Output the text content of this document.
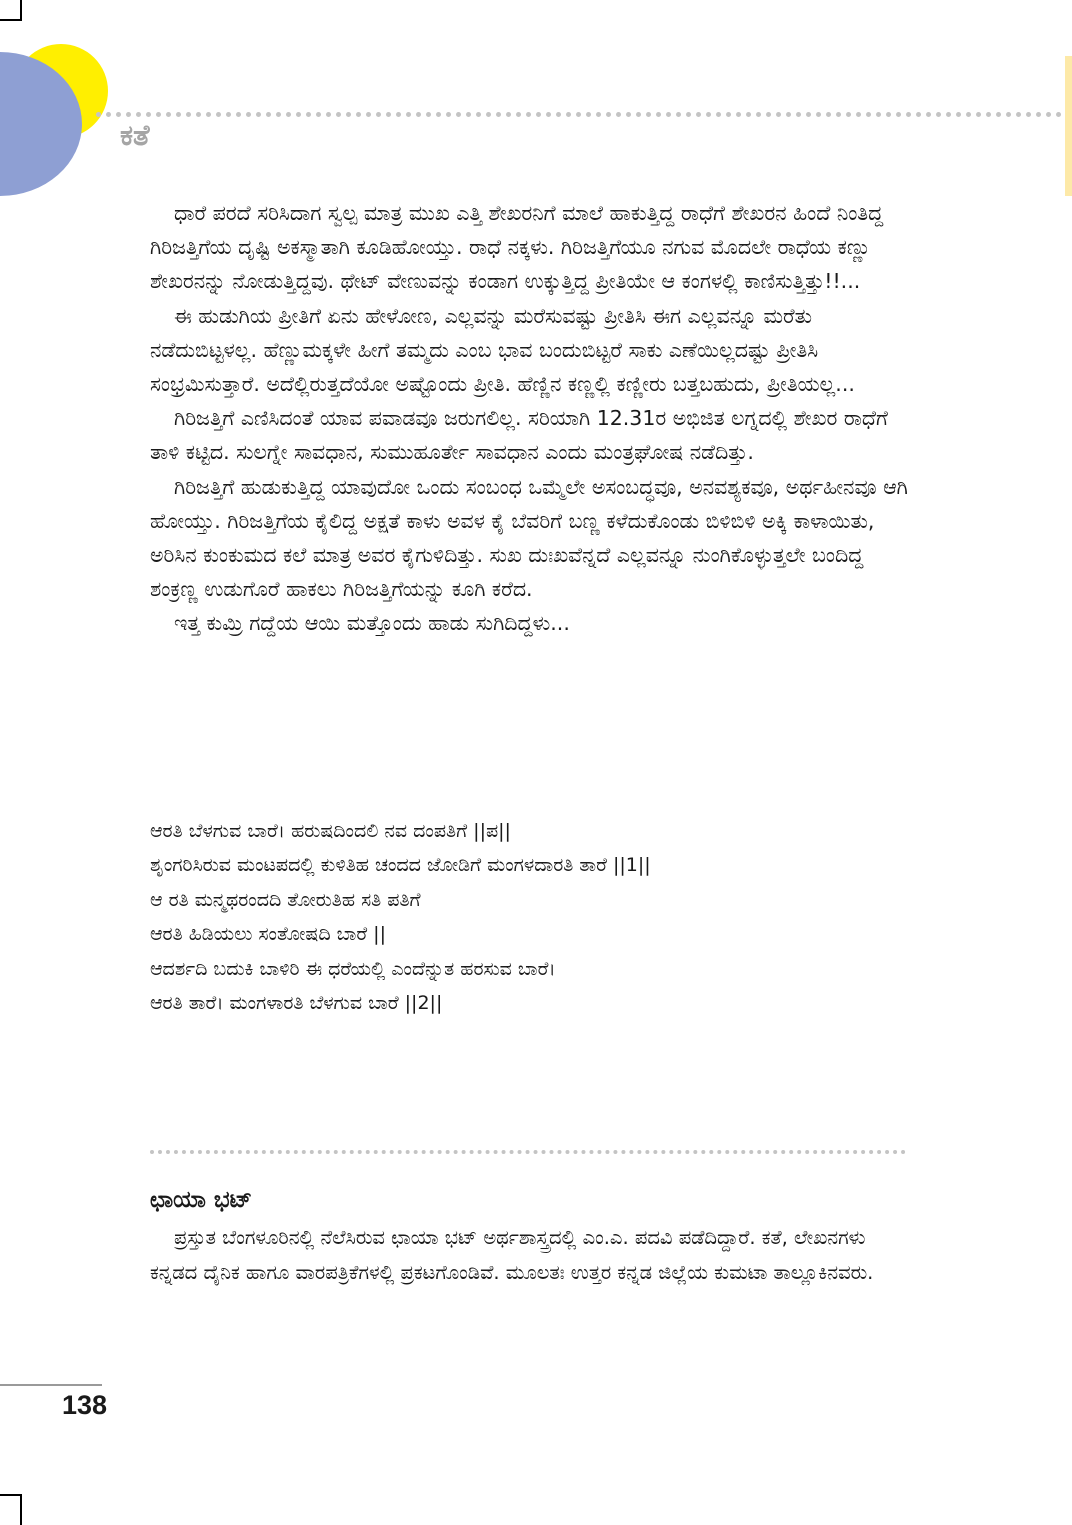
ಕತೆ

ಧಾರೆ ಪರದೆ ಸರಿಸಿದಾಗ ಸ್ವಲ್ಪ ಮಾತ್ರ ಮುಖ ಎತ್ತಿ ಶೇಖರನಿಗೆ ಮಾಲೆ ಹಾಕುತ್ತಿದ್ದ ರಾಧೆಗೆ ಶೇಖರನ ಹಿಂದೆ ನಿಂತಿದ್ದ ಗಿರಿಜತ್ತಿಗೆಯ ದೃಷ್ಟಿ ಅಕಸ್ಮಾತಾಗಿ ಕೂಡಿಹೋಯ್ತು. ರಾಧೆ ನಕ್ಕಳು. ಗಿರಿಜತ್ತಿಗೆಯೂ ನಗುವ ಮೊದಲೇ ರಾಧೆಯ ಕಣ್ಣು ಶೇಖರನನ್ನು ನೋಡುತ್ತಿದ್ದವು. ಥೇಟ್ ವೇಣುವನ್ನು ಕಂಡಾಗ ಉಕ್ಕುತ್ತಿದ್ದ ಪ್ರೀತಿಯೇ ಆ ಕಂಗಳಲ್ಲಿ ಕಾಣಿಸುತ್ತಿತ್ತು!!...

ಈ ಹುಡುಗಿಯ ಪ್ರೀತಿಗೆ ಏನು ಹೇಳೋಣ, ಎಲ್ಲವನ್ನು ಮರೆಸುವಷ್ಟು ಪ್ರೀತಿಸಿ ಈಗ ಎಲ್ಲವನ್ನೂ ಮರೆತು ನಡೆದುಬಿಟ್ಟಳಲ್ಲ. ಹೆಣ್ಣುಮಕ್ಕಳೇ ಹೀಗೆ ತಮ್ಮದು ಎಂಬ ಭಾವ ಬಂದುಬಿಟ್ಟರೆ ಸಾಕು ಎಣೆಯಿಲ್ಲದಷ್ಟು ಪ್ರೀತಿಸಿ ಸಂಭ್ರಮಿಸುತ್ತಾರೆ. ಅದೆಲ್ಲಿರುತ್ತದೆಯೋ ಅಷ್ಟೊಂದು ಪ್ರೀತಿ. ಹೆಣ್ಣಿನ ಕಣ್ಣಲ್ಲಿ ಕಣ್ಣೀರು ಬತ್ತಬಹುದು, ಪ್ರೀತಿಯಲ್ಲ...

ಗಿರಿಜತ್ತಿಗೆ ಎಣಿಸಿದಂತೆ ಯಾವ ಪವಾಡವೂ ಜರುಗಲಿಲ್ಲ. ಸರಿಯಾಗಿ 12.31ರ ಅಭಿಜಿತ ಲಗ್ನದಲ್ಲಿ ಶೇಖರ ರಾಧೆಗೆ ತಾಳಿ ಕಟ್ಟಿದ. ಸುಲಗ್ನೇ ಸಾವಧಾನ, ಸುಮುಹೂರ್ತೇ ಸಾವಧಾನ ಎಂದು ಮಂತ್ರಘೋಷ ನಡೆದಿತ್ತು.

ಗಿರಿಜತ್ತಿಗೆ ಹುಡುಕುತ್ತಿದ್ದ ಯಾವುದೋ ಒಂದು ಸಂಬಂಧ ಒಮ್ಮೆಲೇ ಅಸಂಬದ್ಧವೂ, ಅನವಶ್ಯಕವೂ, ಅರ್ಥಹೀನವೂ ಆಗಿ ಹೋಯ್ತು. ಗಿರಿಜತ್ತಿಗೆಯ ಕೈಲಿದ್ದ ಅಕ್ಷತೆ ಕಾಳು ಅವಳ ಕೈ ಬೆವರಿಗೆ ಬಣ್ಣ ಕಳೆದುಕೊಂಡು ಬಿಳಿಬಿಳಿ ಅಕ್ಕಿ ಕಾಳಾಯಿತು, ಅರಿಸಿನ ಕುಂಕುಮದ ಕಲೆ ಮಾತ್ರ ಅವರ ಕೈಗುಳಿದಿತ್ತು. ಸುಖ ದುಃಖವೆನ್ನದೆ ಎಲ್ಲವನ್ನೂ ನುಂಗಿಕೊಳ್ಳುತ್ತಲೇ ಬಂದಿದ್ದ ಶಂಕ್ರಣ್ಣ ಉಡುಗೊರೆ ಹಾಕಲು ಗಿರಿಜತ್ತಿಗೆಯನ್ನು ಕೂಗಿ ಕರೆದ.

ಇತ್ತ ಕುಮ್ರಿ ಗದ್ದೆಯ ಆಯಿ ಮತ್ತೊಂದು ಹಾಡು ಸುಗಿದಿದ್ದಳು...

ಆರತಿ ಬೆಳಗುವ ಬಾರೆ। ಹರುಷದಿಂದಲಿ ನವ ದಂಪತಿಗೆ ||ಪ||
ಶೃಂಗರಿಸಿರುವ ಮಂಟಪದಲ್ಲಿ ಕುಳಿತಿಹ ಚಂದದ ಜೋಡಿಗೆ ಮಂಗಳದಾರತಿ ತಾರೆ ||1||
ಆ ರತಿ ಮನ್ಮಥರಂದದಿ ತೋರುತಿಹ ಸತಿ ಪತಿಗೆ
ಆರತಿ ಹಿಡಿಯಲು ಸಂತೋಷದಿ ಬಾರೆ ||
ಆದರ್ಶದಿ ಬದುಕಿ ಬಾಳಿರಿ ಈ ಧರೆಯಲ್ಲಿ ಎಂದೆನ್ನುತ ಹರಸುವ ಬಾರೆ।
ಆರತಿ ತಾರೆ। ಮಂಗಳಾರತಿ ಬೆಳಗುವ ಬಾರೆ ||2||
ಛಾಯಾ ಭಟ್

ಪ್ರಸ್ತುತ ಬೆಂಗಳೂರಿನಲ್ಲಿ ನೆಲೆಸಿರುವ ಛಾಯಾ ಭಟ್ ಅರ್ಥಶಾಸ್ತ್ರದಲ್ಲಿ ಎಂ.ಎ. ಪದವಿ ಪಡೆದಿದ್ದಾರೆ. ಕತೆ, ಲೇಖನಗಳು ಕನ್ನಡದ ದೈನಿಕ ಹಾಗೂ ವಾರಪತ್ರಿಕೆಗಳಲ್ಲಿ ಪ್ರಕಟಗೊಂಡಿವೆ. ಮೂಲತಃ ಉತ್ತರ ಕನ್ನಡ ಜಿಲ್ಲೆಯ ಕುಮಟಾ ತಾಲ್ಲೂಕಿನವರು.

138
